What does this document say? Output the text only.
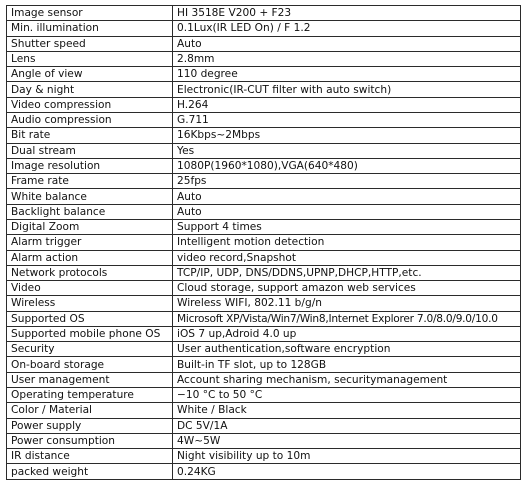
Image sensor	HI 3518E V200 + F23
Min. illumination	0.1Lux(IR LED On) / F 1.2
Shutter speed	Auto
Lens	2.8mm
Angle of view	110 degree
Day & night	Electronic(IR-CUT filter with auto switch)
Video compression	H.264
Audio compression	G.711
Bit rate	16Kbps~2Mbps
Dual stream	Yes
Image resolution	1080P(1960*1080),VGA(640*480)
Frame rate	25fps
White balance	Auto
Backlight balance	Auto
Digital Zoom	Support 4 times
Alarm trigger	Intelligent motion detection
Alarm action	video record,Snapshot
Network protocols	TCP/IP, UDP, DNS/DDNS,UPNP,DHCP,HTTP,etc.
Video	Cloud storage, support amazon web services
Wireless	Wireless WIFI, 802.11 b/g/n
Supported OS	Microsoft XP/Vista/Win7/Win8,Internet Explorer 7.0/8.0/9.0/10.0
Supported mobile phone OS	iOS 7 up,Adroid 4.0 up
Security	User authentication,software encryption
On-board storage	Built-in TF slot, up to 128GB
User management	Account sharing mechanism, securitymanagement
Operating temperature	−10 °C to 50 °C
Color / Material	White / Black
Power supply	DC 5V/1A
Power consumption	4W~5W
IR distance	Night visibility up to 10m
packed weight	0.24KG
